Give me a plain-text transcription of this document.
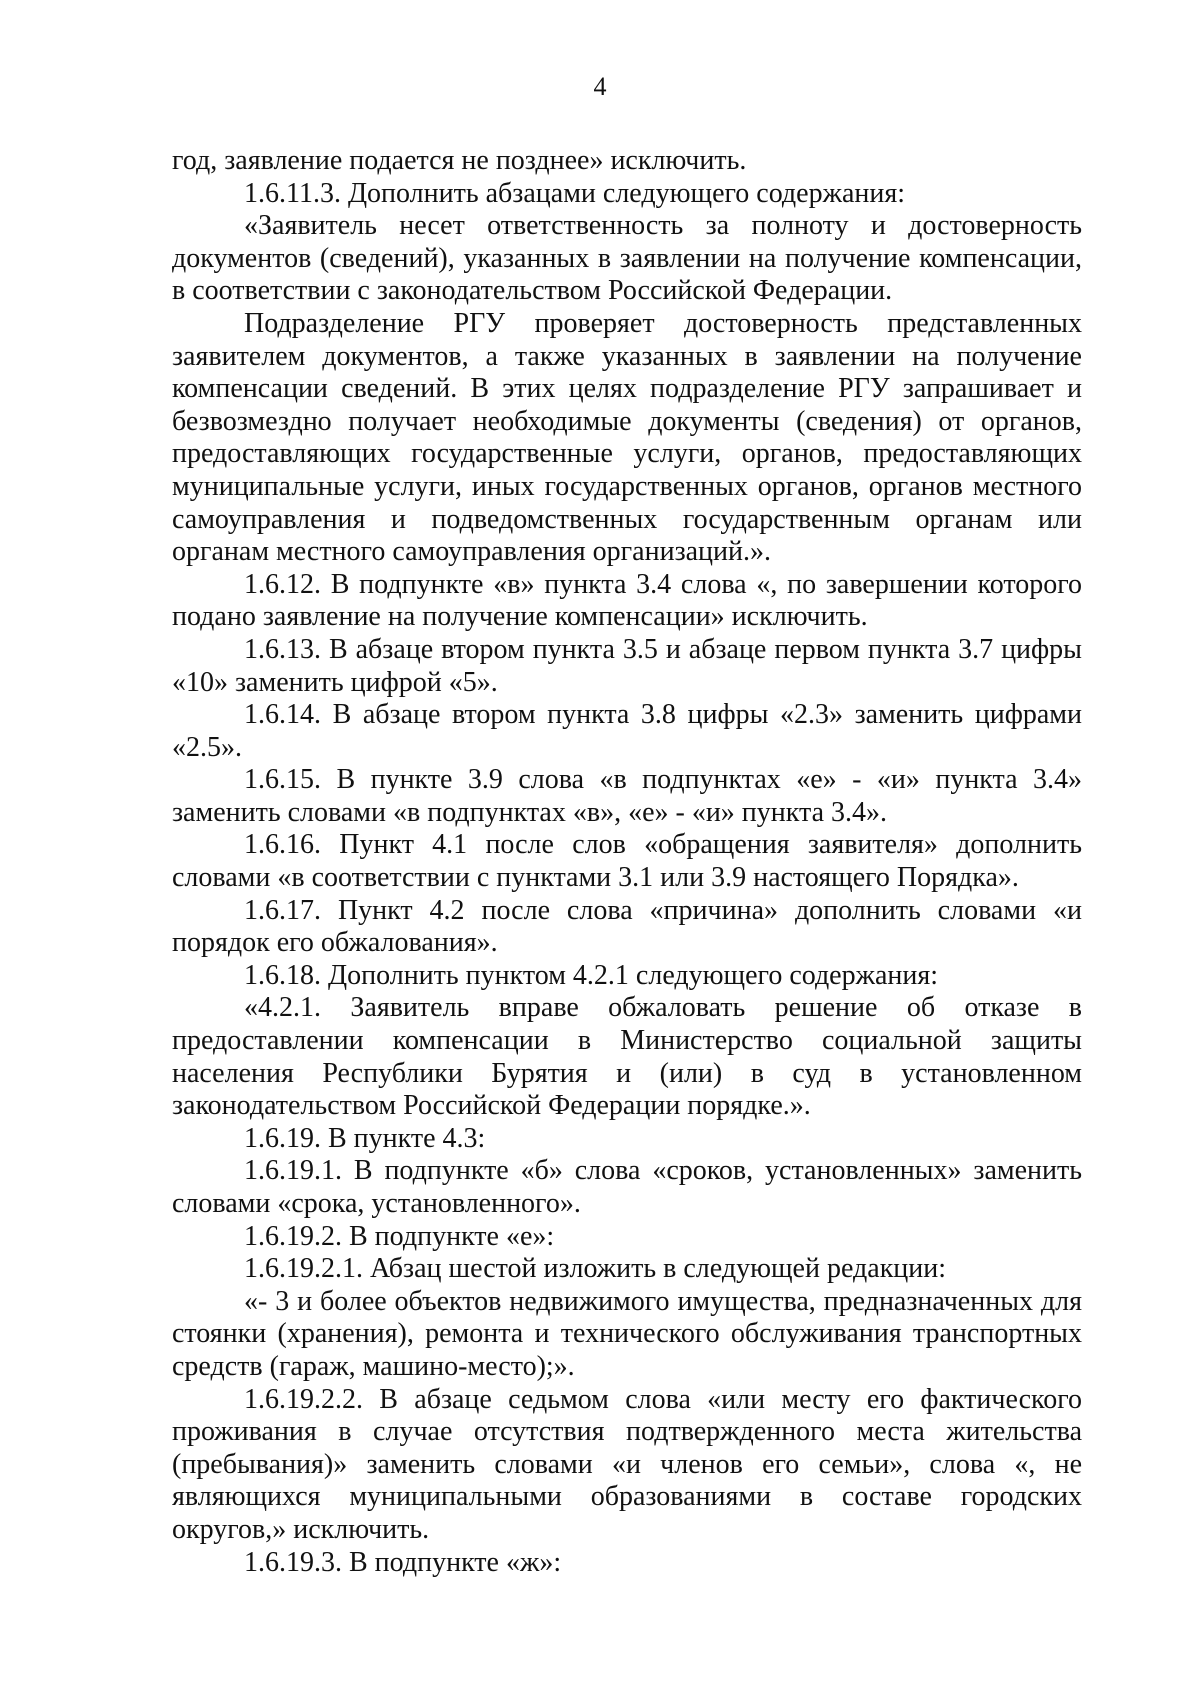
4

год, заявление подается не позднее» исключить.

1.6.11.3. Дополнить абзацами следующего содержания:

«Заявитель несет ответственность за полноту и достоверность документов (сведений), указанных в заявлении на получение компенсации, в соответствии с законодательством Российской Федерации.

Подразделение РГУ проверяет достоверность представленных заявителем документов, а также указанных в заявлении на получение компенсации сведений. В этих целях подразделение РГУ запрашивает и безвозмездно получает необходимые документы (сведения) от органов, предоставляющих государственные услуги, органов, предоставляющих муниципальные услуги, иных государственных органов, органов местного самоуправления и подведомственных государственным органам или органам местного самоуправления организаций.».

1.6.12. В подпункте «в» пункта 3.4 слова «, по завершении которого подано заявление на получение компенсации» исключить.

1.6.13. В абзаце втором пункта 3.5 и абзаце первом пункта 3.7 цифры «10» заменить цифрой «5».

1.6.14. В абзаце втором пункта 3.8 цифры «2.3» заменить цифрами «2.5».

1.6.15. В пункте 3.9 слова «в подпунктах «е» - «и» пункта 3.4» заменить словами «в подпунктах «в», «е» - «и» пункта 3.4».

1.6.16. Пункт 4.1 после слов «обращения заявителя» дополнить словами «в соответствии с пунктами 3.1 или 3.9 настоящего Порядка».

1.6.17. Пункт 4.2 после слова «причина» дополнить словами «и порядок его обжалования».

1.6.18. Дополнить пунктом 4.2.1 следующего содержания:

«4.2.1. Заявитель вправе обжаловать решение об отказе в предоставлении компенсации в Министерство социальной защиты населения Республики Бурятия и (или) в суд в установленном законодательством Российской Федерации порядке.».

1.6.19. В пункте 4.3:

1.6.19.1. В подпункте «б» слова «сроков, установленных» заменить словами «срока, установленного».

1.6.19.2. В подпункте «е»:

1.6.19.2.1. Абзац шестой изложить в следующей редакции:

«- 3 и более объектов недвижимого имущества, предназначенных для стоянки (хранения), ремонта и технического обслуживания транспортных средств (гараж, машино-место);».

1.6.19.2.2. В абзаце седьмом слова «или месту его фактического проживания в случае отсутствия подтвержденного места жительства (пребывания)» заменить словами «и членов его семьи», слова «, не являющихся муниципальными образованиями в составе городских округов,» исключить.

1.6.19.3. В подпункте «ж»:
